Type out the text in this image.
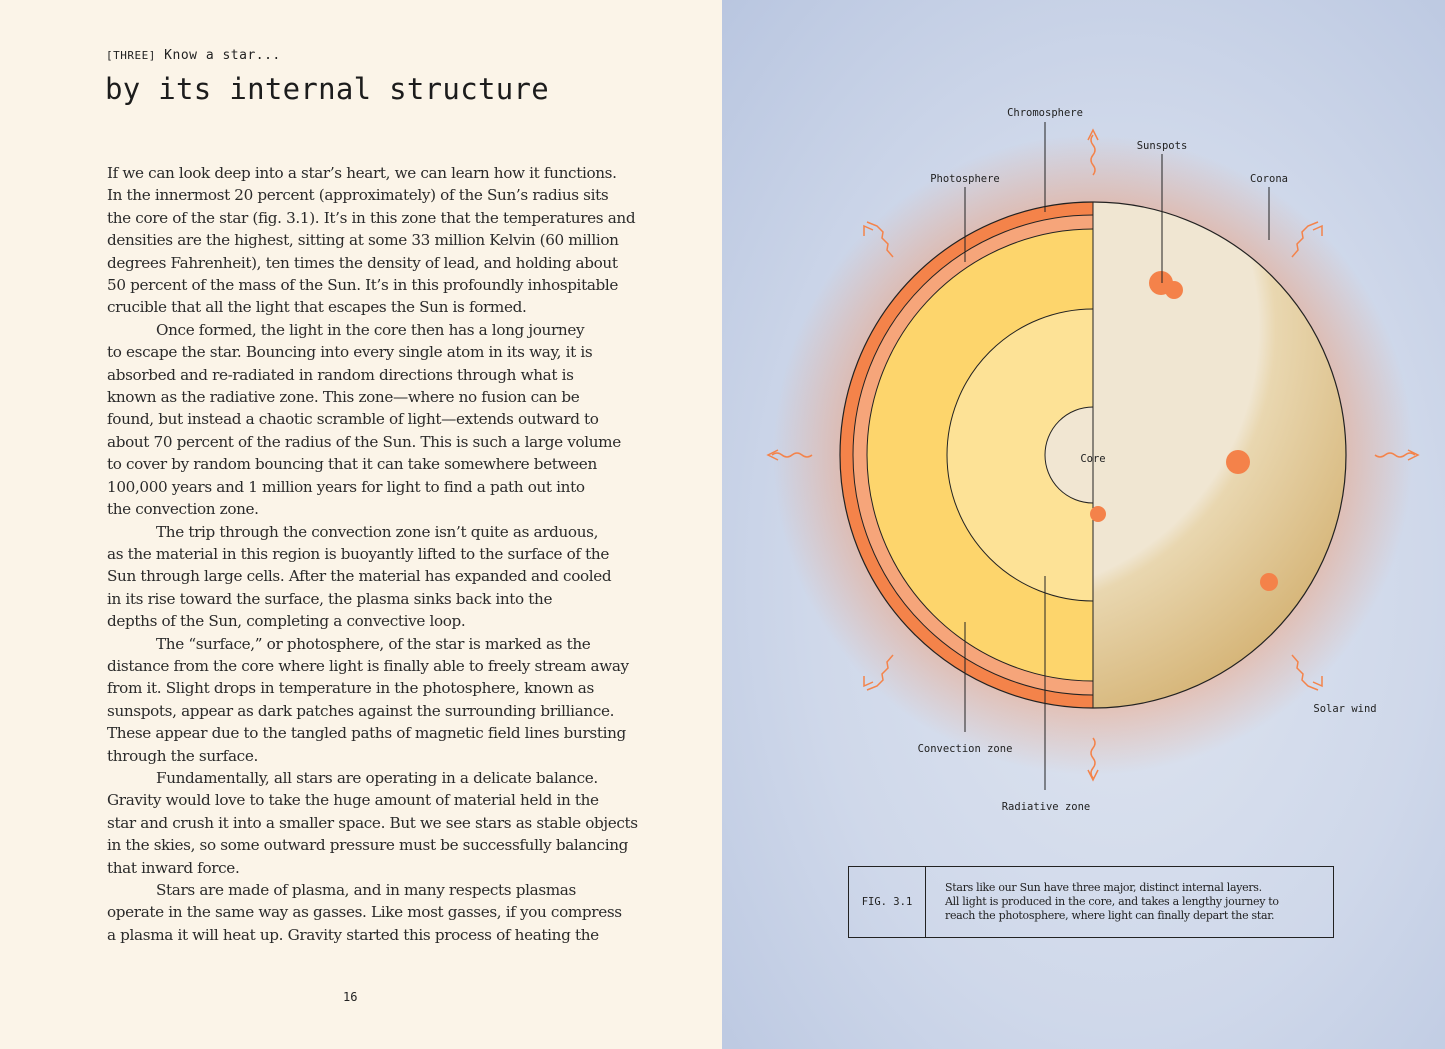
[THREE] Know a star...
by its internal structure
If we can look deep into a star’s heart, we can learn how it functions.
In the innermost 20 percent (approximately) of the Sun’s radius sits
the core of the star (fig. 3.1). It’s in this zone that the temperatures and
densities are the highest, sitting at some 33 million Kelvin (60 million
degrees Fahrenheit), ten times the density of lead, and holding about
50 percent of the mass of the Sun. It’s in this profoundly inhospitable
crucible that all the light that escapes the Sun is formed.
Once formed, the light in the core then has a long journey
to escape the star. Bouncing into every single atom in its way, it is
absorbed and re-radiated in random directions through what is
known as the radiative zone. This zone—where no fusion can be
found, but instead a chaotic scramble of light—extends outward to
about 70 percent of the radius of the Sun. This is such a large volume
to cover by random bouncing that it can take somewhere between
100,000 years and 1 million years for light to find a path out into
the convection zone.
The trip through the convection zone isn’t quite as arduous,
as the material in this region is buoyantly lifted to the surface of the
Sun through large cells. After the material has expanded and cooled
in its rise toward the surface, the plasma sinks back into the
depths of the Sun, completing a convective loop.
The “surface,” or photosphere, of the star is marked as the
distance from the core where light is finally able to freely stream away
from it. Slight drops in temperature in the photosphere, known as
sunspots, appear as dark patches against the surrounding brilliance.
These appear due to the tangled paths of magnetic field lines bursting
through the surface.
Fundamentally, all stars are operating in a delicate balance.
Gravity would love to take the huge amount of material held in the
star and crush it into a smaller space. But we see stars as stable objects
in the skies, so some outward pressure must be successfully balancing
that inward force.
Stars are made of plasma, and in many respects plasmas
operate in the same way as gasses. Like most gasses, if you compress
a plasma it will heat up. Gravity started this process of heating the
16
Chromosphere
Sunspots
Photosphere	Corona
Core
Solar wind
Convection zone
Radiative zone
FIG. 3.1
Stars like our Sun have three major, distinct internal layers.
All light is produced in the core, and takes a lengthy journey to
reach the photosphere, where light can finally depart the star.
